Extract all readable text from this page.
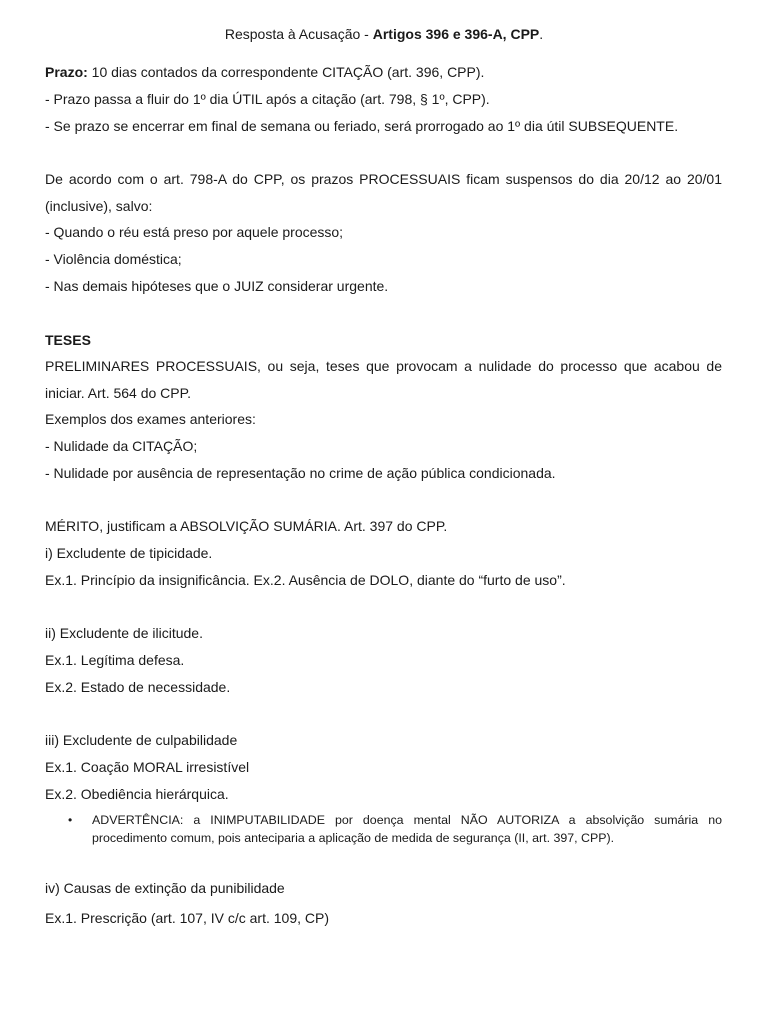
Resposta à Acusação - Artigos 396 e 396-A, CPP.
Prazo: 10 dias contados da correspondente CITAÇÃO (art. 396, CPP).
- Prazo passa a fluir do 1º dia ÚTIL após a citação (art. 798, § 1º, CPP).
- Se prazo se encerrar em final de semana ou feriado, será prorrogado ao 1º dia útil SUBSEQUENTE.
De acordo com o art. 798-A do CPP, os prazos PROCESSUAIS ficam suspensos do dia 20/12 ao 20/01
(inclusive), salvo:
- Quando o réu está preso por aquele processo;
- Violência doméstica;
- Nas demais hipóteses que o JUIZ considerar urgente.
TESES
PRELIMINARES PROCESSUAIS, ou seja, teses que provocam a nulidade do processo que acabou de
iniciar. Art. 564 do CPP.
Exemplos dos exames anteriores:
- Nulidade da CITAÇÃO;
- Nulidade por ausência de representação no crime de ação pública condicionada.
MÉRITO, justificam a ABSOLVIÇÃO SUMÁRIA. Art. 397 do CPP.
i) Excludente de tipicidade.
Ex.1. Princípio da insignificância. Ex.2. Ausência de DOLO, diante do “furto de uso”.
ii) Excludente de ilicitude.
Ex.1. Legítima defesa.
Ex.2. Estado de necessidade.
iii) Excludente de culpabilidade
Ex.1. Coação MORAL irresistível
Ex.2. Obediência hierárquica.
•	ADVERTÊNCIA: a INIMPUTABILIDADE por doença mental NÃO AUTORIZA a absolvição sumária no
procedimento comum, pois anteciparia a aplicação de medida de segurança (II, art. 397, CPP).
iv) Causas de extinção da punibilidade
Ex.1. Prescrição (art. 107, IV c/c art. 109, CP)
